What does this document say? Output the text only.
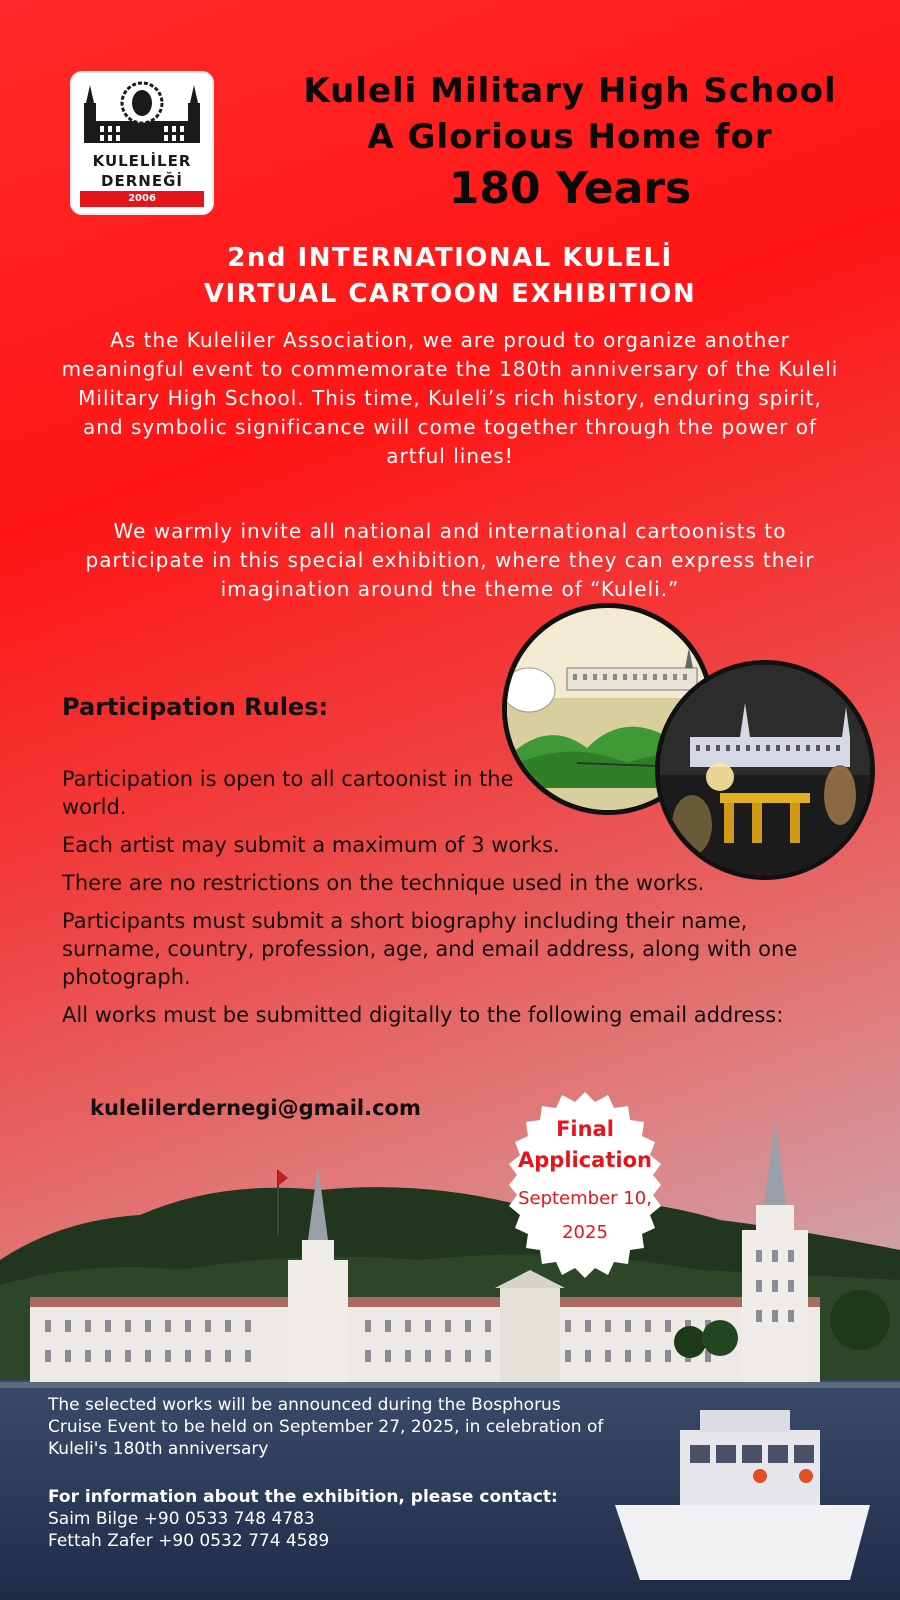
KULELİLER
DERNEĞİ
2006
Kuleli Military High School
A Glorious Home for
180 Years
2nd INTERNATIONAL KULELİ
VIRTUAL CARTOON EXHIBITION
As the Kuleliler Association, we are proud to organize another meaningful event to commemorate the 180th anniversary of the Kuleli Military High School. This time, Kuleli’s rich history, enduring spirit, and symbolic significance will come together through the power of artful lines!
We warmly invite all national and international cartoonists to participate in this special exhibition, where they can express their imagination around the theme of “Kuleli.”
Participation Rules:
Participation is open to all cartoonist in the world.
Each artist may submit a maximum of 3 works.
There are no restrictions on the technique used in the works.
Participants must submit a short biography including their name, surname, country, profession, age, and email address, along with one photograph.
All works must be submitted digitally to the following email address:
kulelilerdernegi@gmail.com
Final
Application
September 10, 2025
The selected works will be announced during the Bosphorus Cruise Event to be held on September 27, 2025, in celebration of Kuleli's 180th anniversary
For information about the exhibition, please contact:
Saim Bilge +90 0533 748 4783
Fettah Zafer +90 0532 774 4589
